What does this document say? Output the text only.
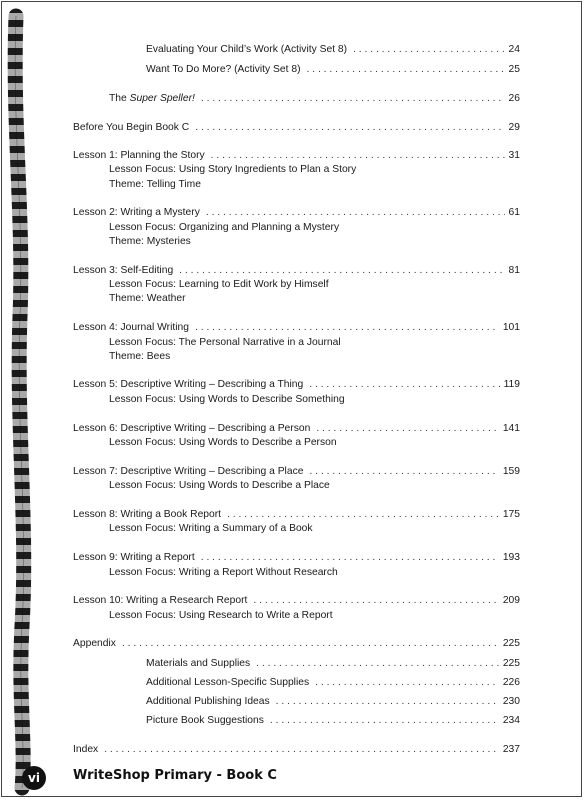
Evaluating Your Child’s Work (Activity Set 8) . . .	24
Want To Do More? (Activity Set 8) . . .	25
The Super Speller! . . .	26
Before You Begin Book C . . .	29
Lesson 1: Planning the Story . . .	31
Lesson Focus: Using Story Ingredients to Plan a Story
Theme: Telling Time
Lesson 2: Writing a Mystery . . .	61
Lesson Focus: Organizing and Planning a Mystery
Theme: Mysteries
Lesson 3: Self-Editing . . .	81
Lesson Focus: Learning to Edit Work by Himself
Theme: Weather
Lesson 4: Journal Writing . . .	101
Lesson Focus: The Personal Narrative in a Journal
Theme: Bees
Lesson 5: Descriptive Writing – Describing a Thing . . .	119
Lesson Focus: Using Words to Describe Something
Lesson 6: Descriptive Writing – Describing a Person . . .	141
Lesson Focus: Using Words to Describe a Person
Lesson 7: Descriptive Writing – Describing a Place . . .	159
Lesson Focus: Using Words to Describe a Place
Lesson 8: Writing a Book Report . . .	175
Lesson Focus: Writing a Summary of a Book
Lesson 9: Writing a Report . . .	193
Lesson Focus: Writing a Report Without Research
Lesson 10: Writing a Research Report . . .	209
Lesson Focus: Using Research to Write a Report
Appendix . . .	225
Materials and Supplies . . .	225
Additional Lesson-Specific Supplies . . .	226
Additional Publishing Ideas . . .	230
Picture Book Suggestions . . .	234
Index . . .	237
vi	WriteShop Primary - Book C
